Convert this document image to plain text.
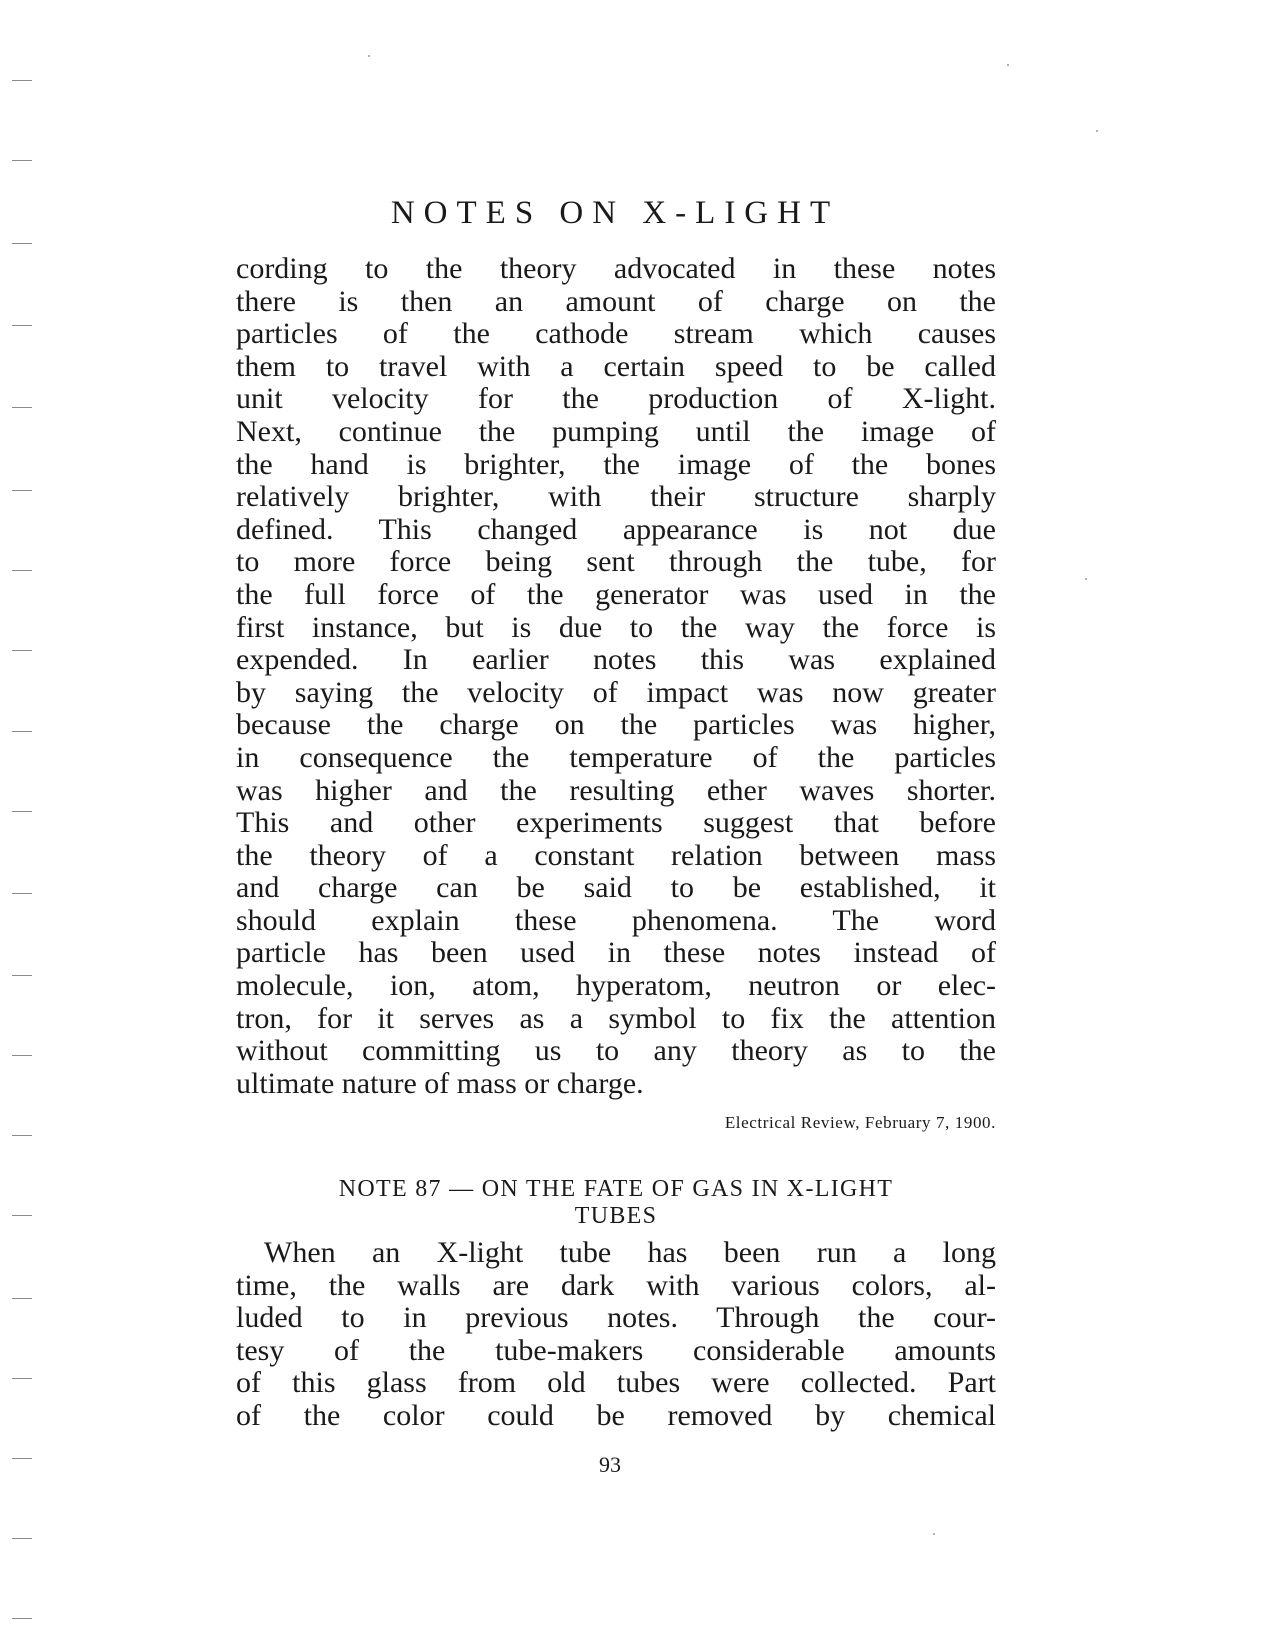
NOTES ON X-LIGHT
cording to the theory advocated in these notes
there is then an amount of charge on the
particles of the cathode stream which causes
them to travel with a certain speed to be called
unit velocity for the production of X-light.
Next, continue the pumping until the image of
the hand is brighter, the image of the bones
relatively brighter, with their structure sharply
defined. This changed appearance is not due
to more force being sent through the tube, for
the full force of the generator was used in the
first instance, but is due to the way the force is
expended. In earlier notes this was explained
by saying the velocity of impact was now greater
because the charge on the particles was higher,
in consequence the temperature of the particles
was higher and the resulting ether waves shorter.
This and other experiments suggest that before
the theory of a constant relation between mass
and charge can be said to be established, it
should explain these phenomena. The word
particle has been used in these notes instead of
molecule, ion, atom, hyperatom, neutron or elec-
tron, for it serves as a symbol to fix the attention
without committing us to any theory as to the
ultimate nature of mass or charge.
Electrical Review, February 7, 1900.
NOTE 87 — ON THE FATE OF GAS IN X-LIGHT
TUBES
When an X-light tube has been run a long
time, the walls are dark with various colors, al-
luded to in previous notes. Through the cour-
tesy of the tube-makers considerable amounts
of this glass from old tubes were collected. Part
of the color could be removed by chemical
93
